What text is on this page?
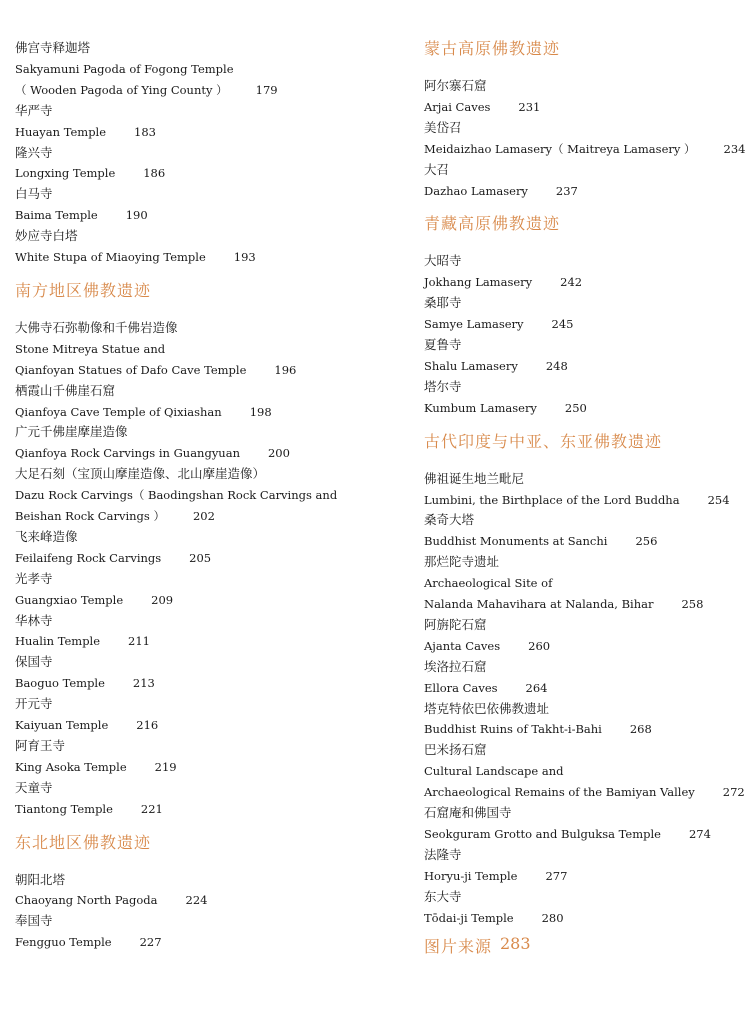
佛宫寺释迦塔
Sakyamuni Pagoda of Fogong Temple
（ Wooden Pagoda of Ying County ） 179
华严寺
Huayan Temple 183
隆兴寺
Longxing Temple 186
白马寺
Baima Temple 190
妙应寺白塔
White Stupa of Miaoying Temple 193
南方地区佛教遗迹
大佛寺石弥勒像和千佛岩造像
Stone Mitreya Statue and
Qianfoyan Statues of Dafo Cave Temple 196
栖霞山千佛崖石窟
Qianfoya Cave Temple of Qixiashan 198
广元千佛崖摩崖造像
Qianfoya Rock Carvings in Guangyuan 200
大足石刻（宝顶山摩崖造像、北山摩崖造像）
Dazu Rock Carvings（ Baodingshan Rock Carvings and
Beishan Rock Carvings ） 202
飞来峰造像
Feilaifeng Rock Carvings 205
光孝寺
Guangxiao Temple 209
华林寺
Hualin Temple 211
保国寺
Baoguo Temple 213
开元寺
Kaiyuan Temple 216
阿育王寺
King Asoka Temple 219
天童寺
Tiantong Temple 221
东北地区佛教遗迹
朝阳北塔
Chaoyang North Pagoda 224
奉国寺
Fengguo Temple 227
蒙古高原佛教遗迹
阿尔寨石窟
Arjai Caves 231
美岱召
Meidaizhao Lamasery（ Maitreya Lamasery ） 234
大召
Dazhao Lamasery 237
青藏高原佛教遗迹
大昭寺
Jokhang Lamasery 242
桑耶寺
Samye Lamasery 245
夏鲁寺
Shalu Lamasery 248
塔尔寺
Kumbum Lamasery 250
古代印度与中亚、东亚佛教遗迹
佛祖诞生地兰毗尼
Lumbini, the Birthplace of the Lord Buddha 254
桑奇大塔
Buddhist Monuments at Sanchi 256
那烂陀寺遗址
Archaeological Site of
Nalanda Mahavihara at Nalanda, Bihar 258
阿旃陀石窟
Ajanta Caves 260
埃洛拉石窟
Ellora Caves 264
塔克特依巴依佛教遗址
Buddhist Ruins of Takht-i-Bahi 268
巴米扬石窟
Cultural Landscape and
Archaeological Remains of the Bamiyan Valley 272
石窟庵和佛国寺
Seokguram Grotto and Bulguksa Temple 274
法隆寺
Horyu-ji Temple 277
东大寺
Tōdai-ji Temple 280
图片来源 283
